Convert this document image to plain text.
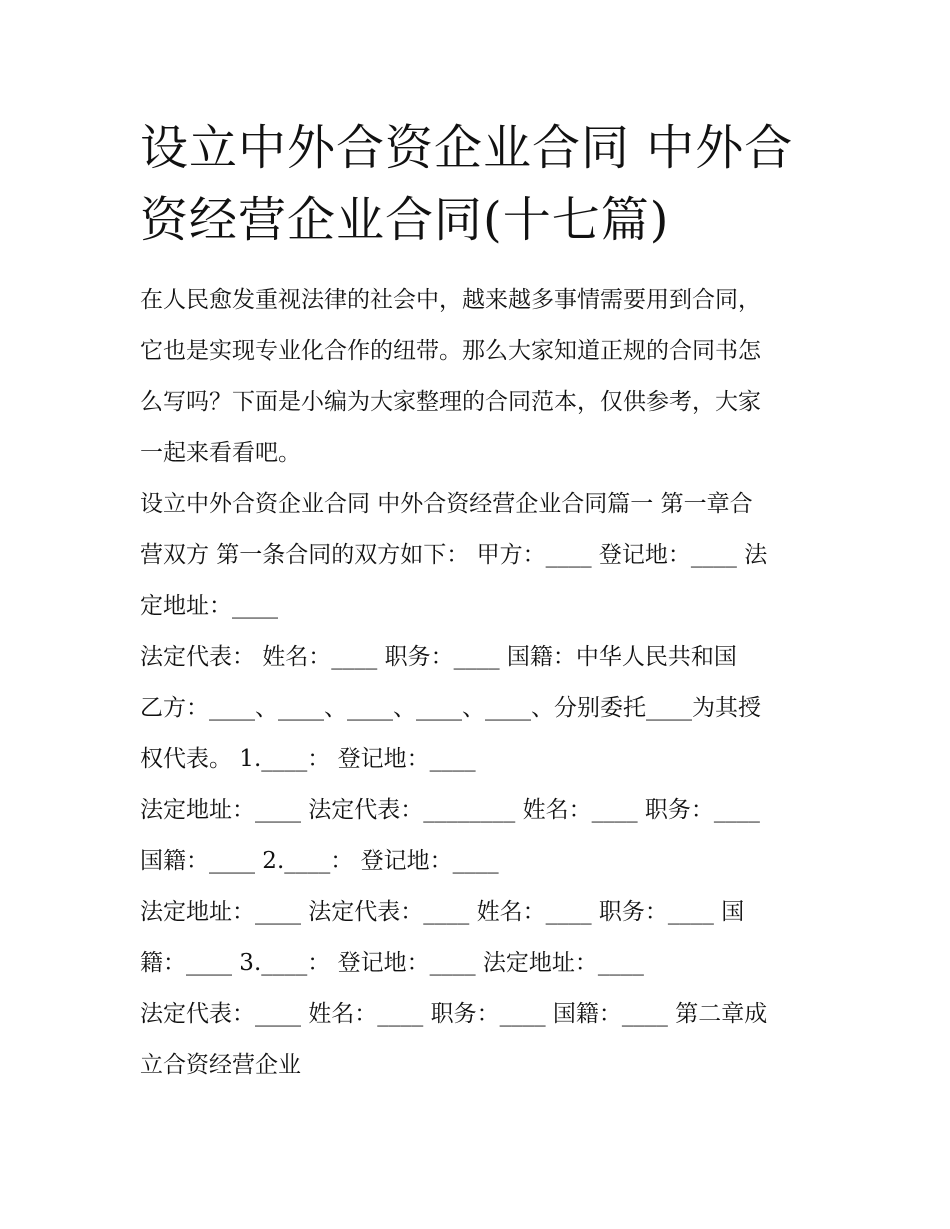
设立中外合资企业合同 中外合
资经营企业合同(十七篇)
在人民愈发重视法律的社会中，越来越多事情需要用到合同，
它也是实现专业化合作的纽带。那么大家知道正规的合同书怎
么写吗？下面是小编为大家整理的合同范本，仅供参考，大家
一起来看看吧。
设立中外合资企业合同 中外合资经营企业合同篇一 第一章合
营双方 第一条合同的双方如下： 甲方：____ 登记地：____ 法
定地址：____
法定代表： 姓名：____ 职务：____ 国籍：中华人民共和国
乙方：____、____、____、____、____、分别委托____为其授
权代表。 1.____： 登记地：____
法定地址：____ 法定代表：________ 姓名：____ 职务：____
国籍：____ 2.____： 登记地：____
法定地址：____ 法定代表：____ 姓名：____ 职务：____ 国
籍：____ 3.____： 登记地：____ 法定地址：____
法定代表：____ 姓名：____ 职务：____ 国籍：____ 第二章成
立合资经营企业
